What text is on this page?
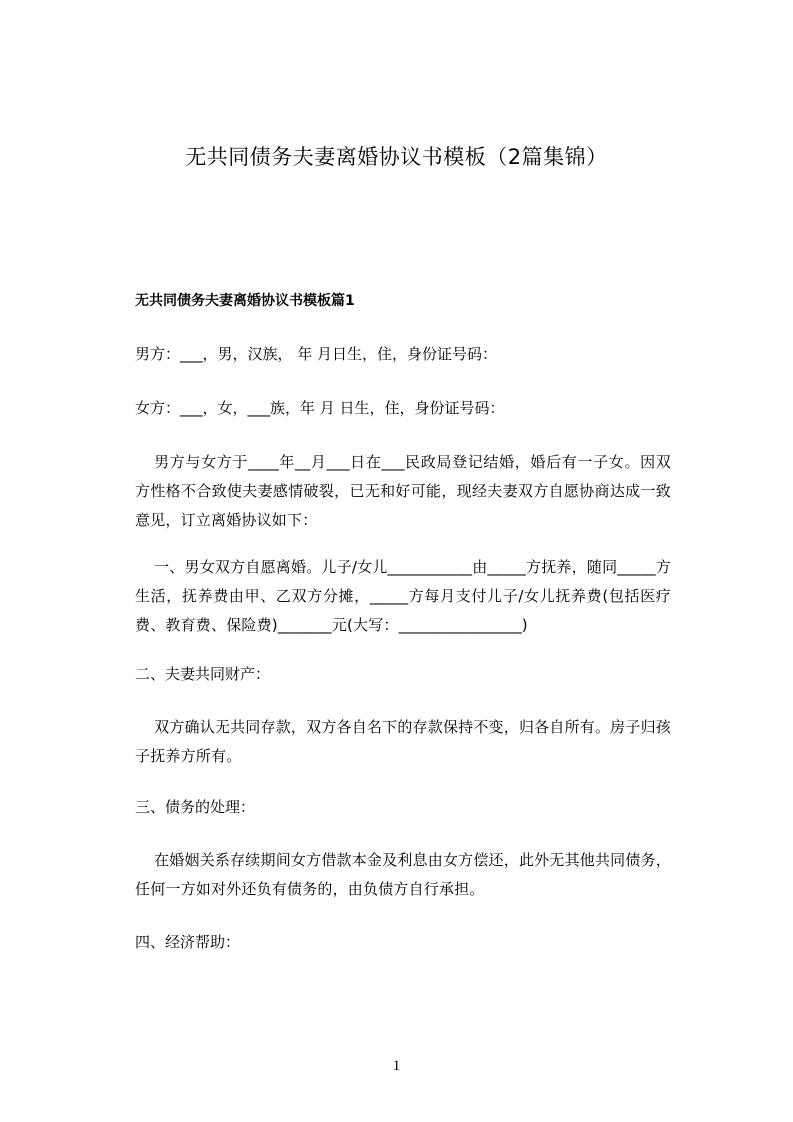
无共同债务夫妻离婚协议书模板（2篇集锦）
无共同债务夫妻离婚协议书模板篇1
男方：___，男，汉族， 年 月日生，住，身份证号码：
女方：___，女，___族，年 月 日生，住，身份证号码：
男方与女方于____年__月___日在___民政局登记结婚，婚后有一子女。因双方性格不合致使夫妻感情破裂，已无和好可能，现经夫妻双方自愿协商达成一致意见，订立离婚协议如下：
一、男女双方自愿离婚。儿子/女儿___________由_____方抚养，随同_____方生活，抚养费由甲、乙双方分摊，_____方每月支付儿子/女儿抚养费(包括医疗费、教育费、保险费)_______元(大写：________________)
二、夫妻共同财产：
双方确认无共同存款，双方各自名下的存款保持不变，归各自所有。房子归孩子抚养方所有。
三、债务的处理：
在婚姻关系存续期间女方借款本金及利息由女方偿还，此外无其他共同债务，任何一方如对外还负有债务的，由负债方自行承担。
四、经济帮助：
1
